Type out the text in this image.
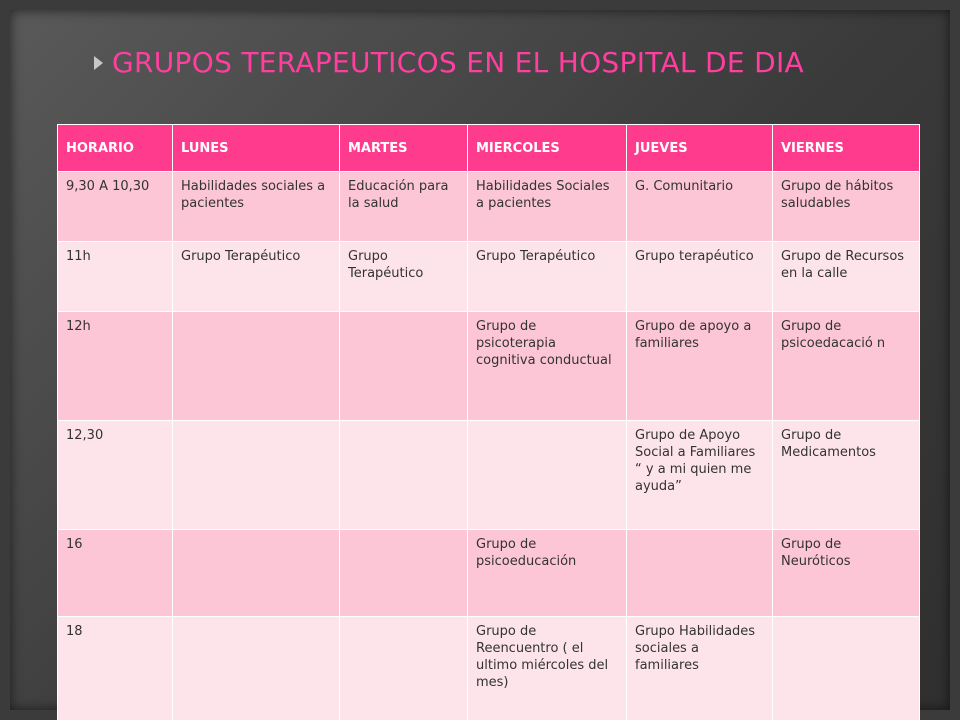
GRUPOS TERAPEUTICOS EN EL HOSPITAL DE DIA
HORARIO	LUNES	MARTES	MIERCOLES	JUEVES	VIERNES
9,30 A 10,30	Habilidades sociales a pacientes	Educación para la salud	Habilidades Sociales a pacientes	G. Comunitario	Grupo de hábitos saludables
11h	Grupo Terapéutico	Grupo Terapéutico	Grupo Terapéutico	Grupo terapéutico	Grupo de Recursos en la calle
12h			Grupo de psicoterapia cognitiva conductual	Grupo de apoyo a familiares	Grupo de psicoedacació n
12,30				Grupo de Apoyo Social a Familiares “ y a mi quien me ayuda”	Grupo de Medicamentos
16			Grupo de psicoeducación		Grupo de Neuróticos
18			Grupo de Reencuentro ( el ultimo miércoles del mes)	Grupo Habilidades sociales a familiares	
